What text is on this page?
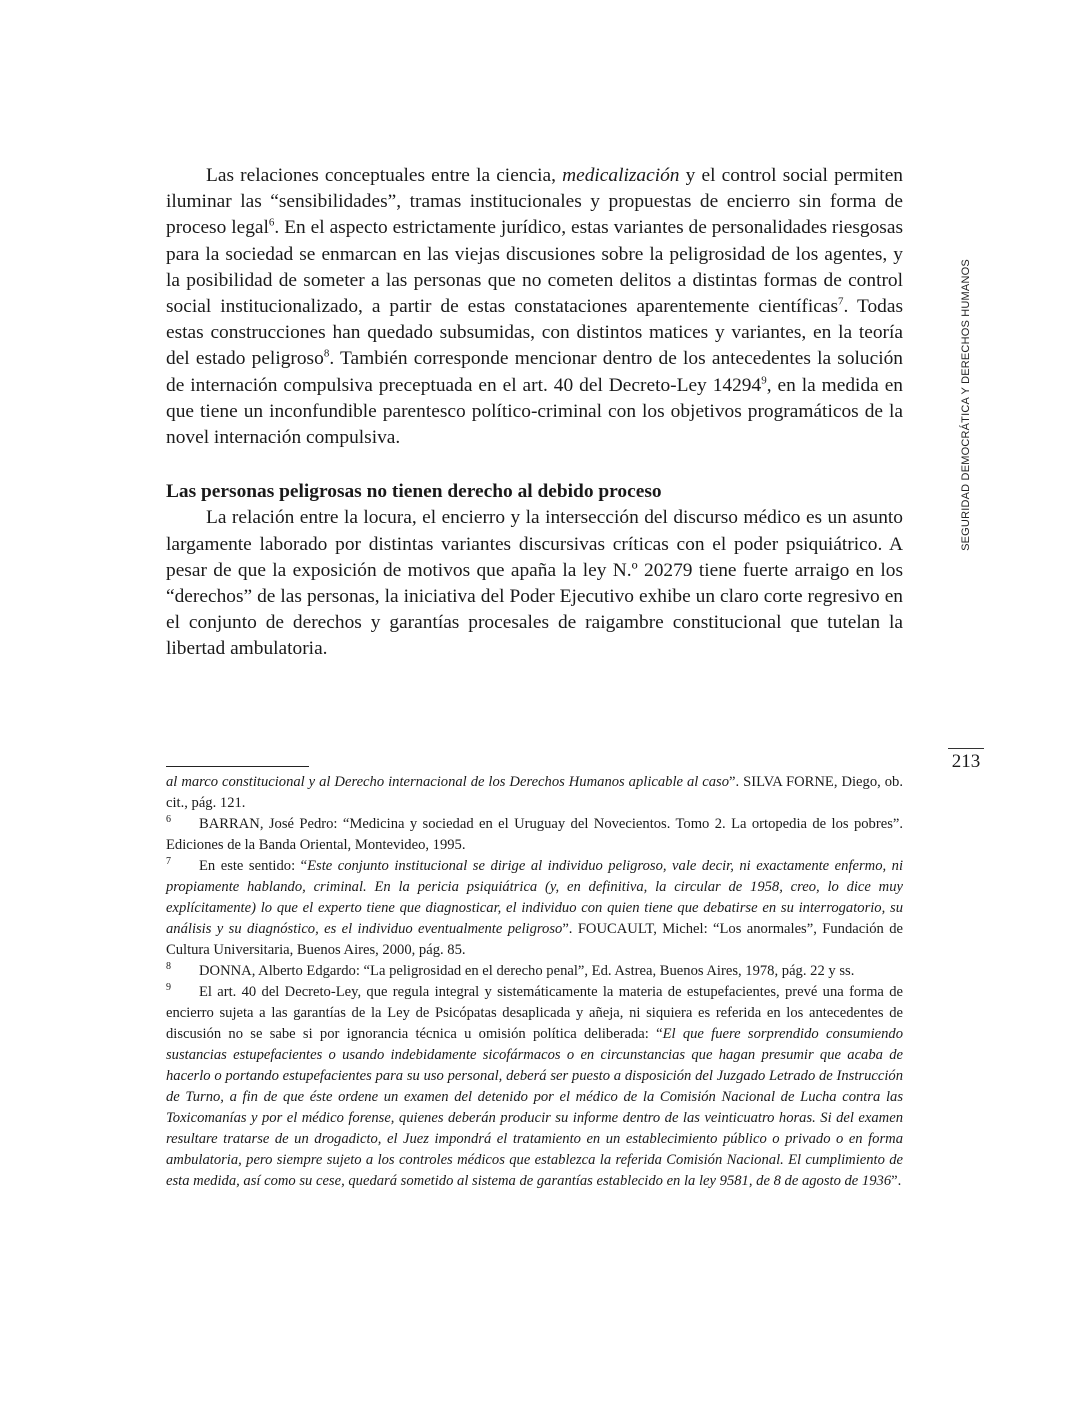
SEGURIDAD DEMOCRÁTICA Y DERECHOS HUMANOS
213

Las relaciones conceptuales entre la ciencia, medicalización y el control social permiten iluminar las “sensibilidades”, tramas institucionales y propuestas de encierro sin forma de proceso legal$^6$. En el aspecto estrictamente jurídico, estas variantes de personalidades riesgosas para la sociedad se enmarcan en las viejas discusiones sobre la peligrosidad de los agentes, y la posibilidad de someter a las personas que no cometen delitos a distintas formas de control social institucionalizado, a partir de estas constataciones aparentemente científicas$^7$. Todas estas construcciones han quedado subsumidas, con distintos matices y variantes, en la teoría del estado peligroso$^8$. También corresponde mencionar dentro de los antecedentes la solución de internación compulsiva preceptuada en el art. 40 del Decreto-Ley 14294$^9$, en la medida en que tiene un inconfundible parentesco político-criminal con los objetivos programáticos de la novel internación compulsiva.

Las personas peligrosas no tienen derecho al debido proceso

La relación entre la locura, el encierro y la intersección del discurso médico es un asunto largamente laborado por distintas variantes discursivas críticas con el poder psiquiátrico. A pesar de que la exposición de motivos que apaña la ley N.º 20279 tiene fuerte arraigo en los “derechos” de las personas, la iniciativa del Poder Ejecutivo exhibe un claro corte regresivo en el conjunto de derechos y garantías procesales de raigambre constitucional que tutelan la libertad ambulatoria.

al marco constitucional y al Derecho internacional de los Derechos Humanos aplicable al caso”. SILVA FORNE, Diego, ob. cit., pág. 121.

6 BARRAN, José Pedro: “Medicina y sociedad en el Uruguay del Novecientos. Tomo 2. La ortopedia de los pobres”. Ediciones de la Banda Oriental, Montevideo, 1995.

7 En este sentido: “Este conjunto institucional se dirige al individuo peligroso, vale decir, ni exactamente enfermo, ni propiamente hablando, criminal. En la pericia psiquiátrica (y, en definitiva, la circular de 1958, creo, lo dice muy explícitamente) lo que el experto tiene que diagnosticar, el individuo con quien tiene que debatirse en su interrogatorio, su análisis y su diagnóstico, es el individuo eventualmente peligroso”. FOUCAULT, Michel: “Los anormales”, Fundación de Cultura Universitaria, Buenos Aires, 2000, pág. 85.

8 DONNA, Alberto Edgardo: “La peligrosidad en el derecho penal”, Ed. Astrea, Buenos Aires, 1978, pág. 22 y ss.

9 El art. 40 del Decreto-Ley, que regula integral y sistemáticamente la materia de estupefacientes, prevé una forma de encierro sujeta a las garantías de la Ley de Psicópatas desaplicada y añeja, ni siquiera es referida en los antecedentes de discusión no se sabe si por ignorancia técnica u omisión política deliberada: “El que fuere sorprendido consumiendo sustancias estupefacientes o usando indebidamente sicofármacos o en circunstancias que hagan presumir que acaba de hacerlo o portando estupefacientes para su uso personal, deberá ser puesto a disposición del Juzgado Letrado de Instrucción de Turno, a fin de que éste ordene un examen del detenido por el médico de la Comisión Nacional de Lucha contra las Toxicomanías y por el médico forense, quienes deberán producir su informe dentro de las veinticuatro horas. Si del examen resultare tratarse de un drogadicto, el Juez impondrá el tratamiento en un establecimiento público o privado o en forma ambulatoria, pero siempre sujeto a los controles médicos que establezca la referida Comisión Nacional. El cumplimiento de esta medida, así como su cese, quedará sometido al sistema de garantías establecido en la ley 9581, de 8 de agosto de 1936”.
